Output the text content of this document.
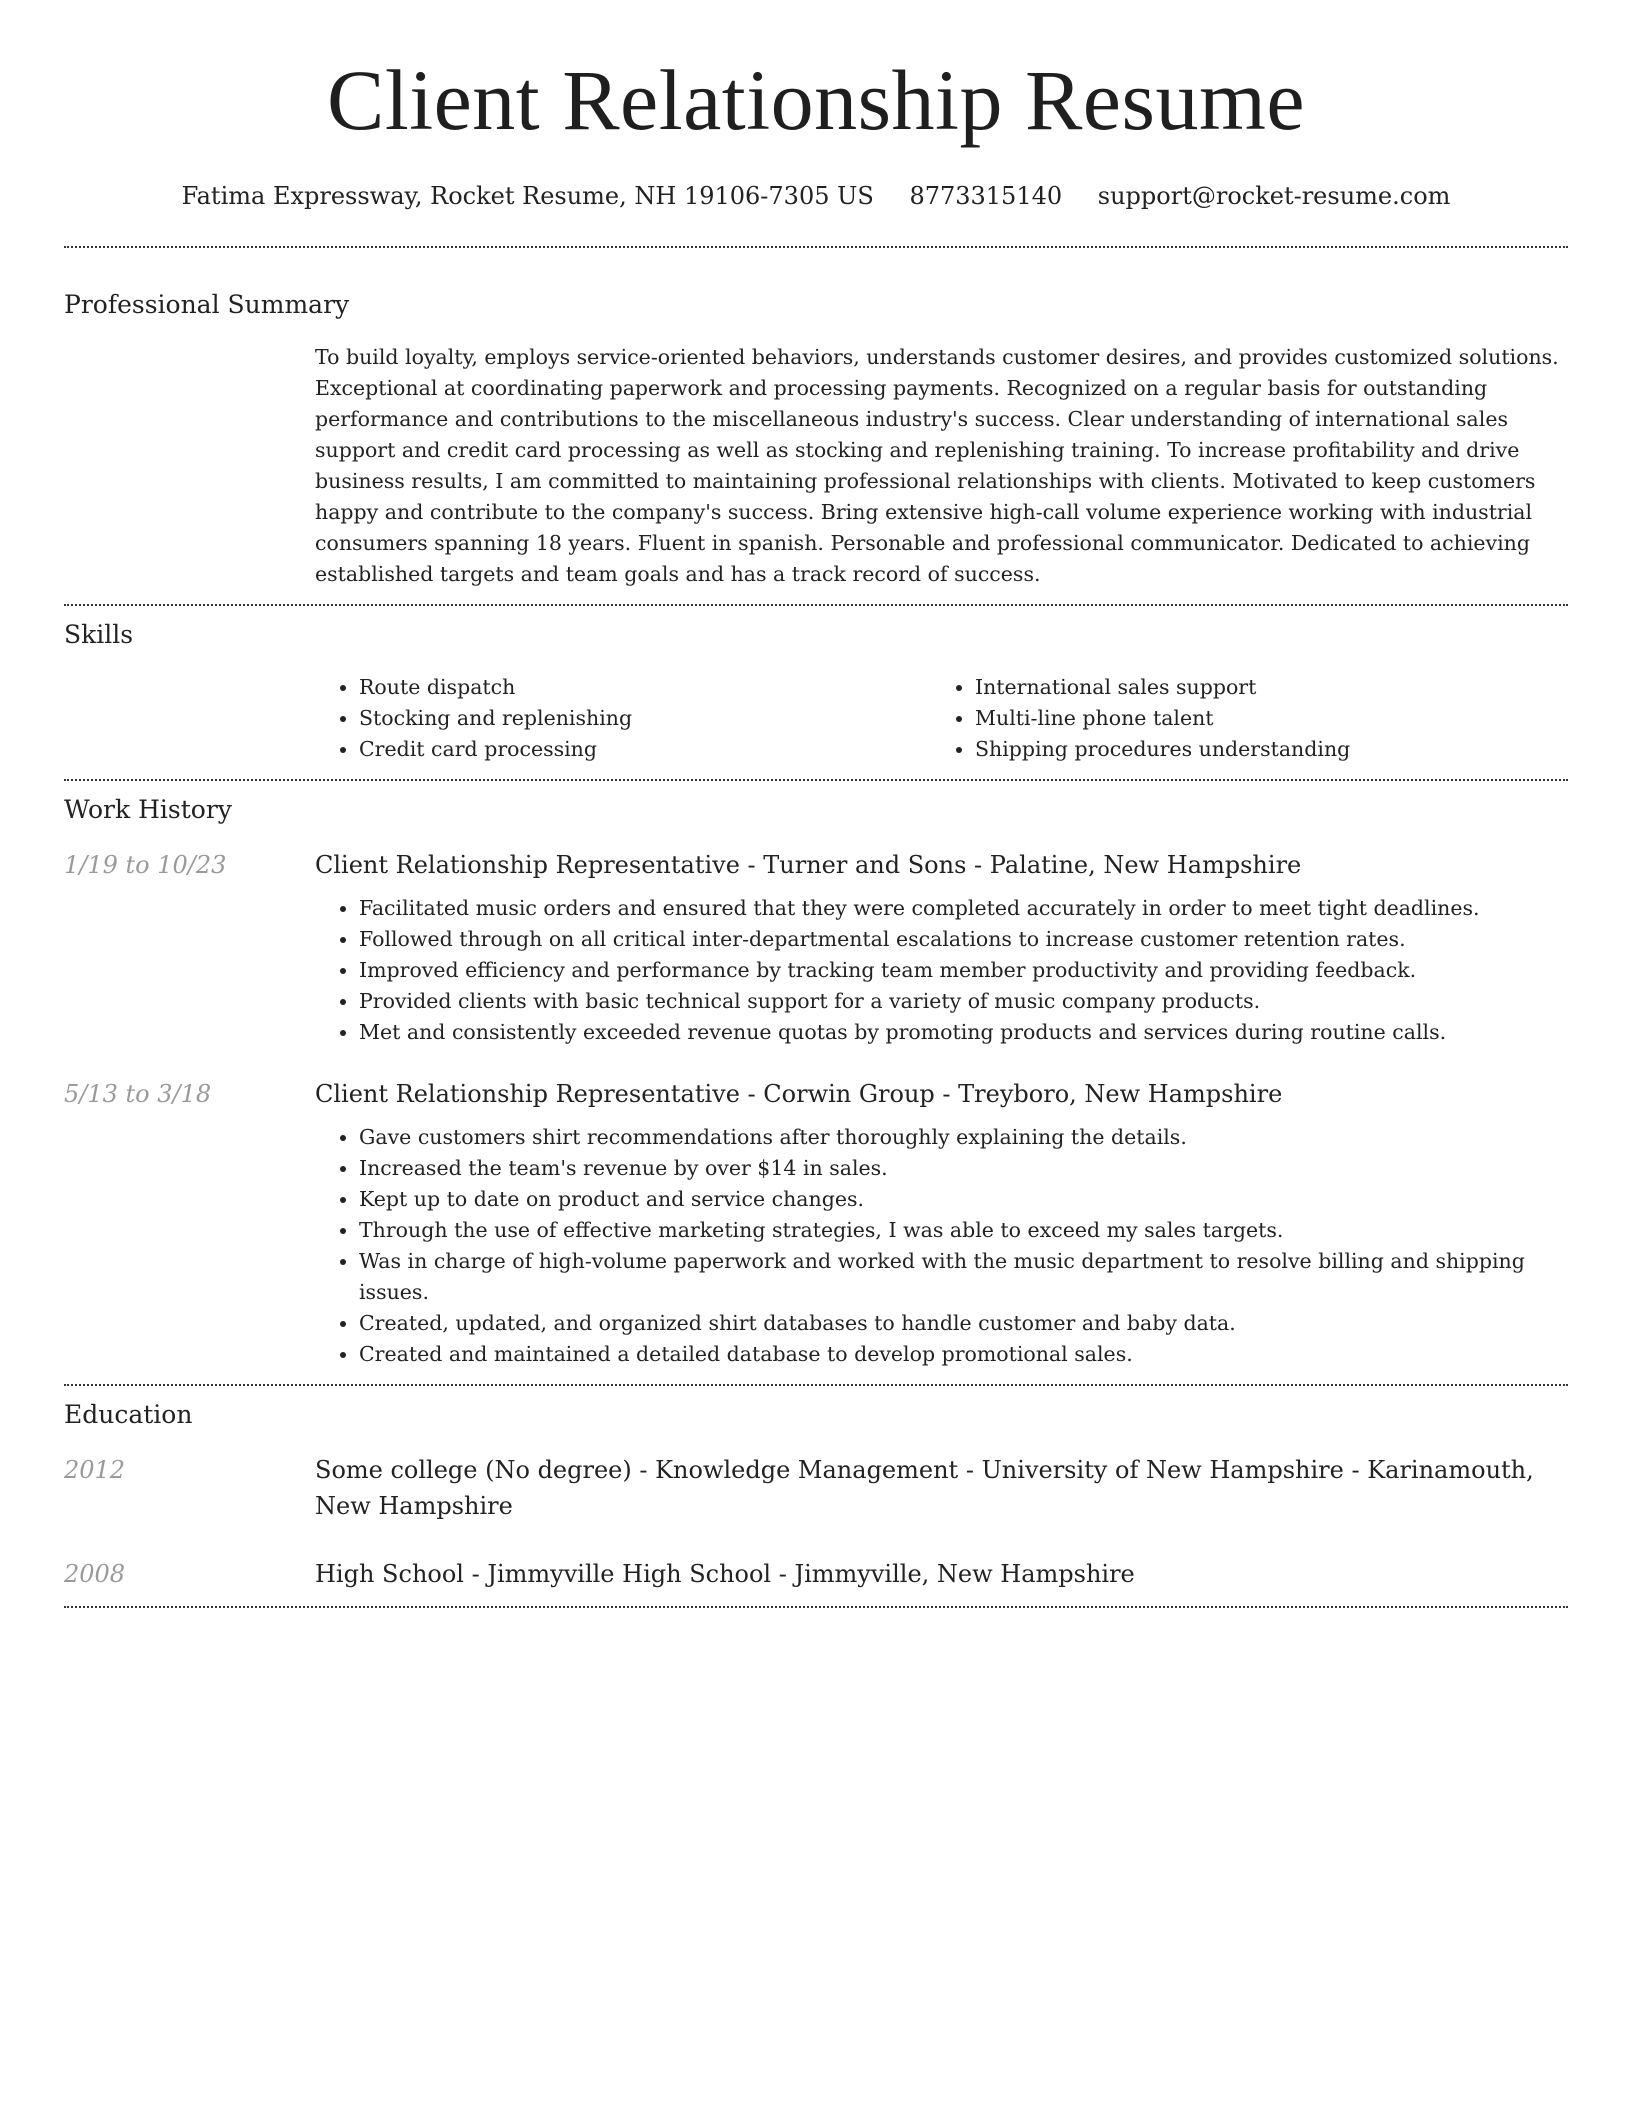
Client Relationship Resume
Fatima Expressway, Rocket Resume, NH 19106-7305 US 8773315140 support@rocket-resume.com
Professional Summary
To build loyalty, employs service-oriented behaviors, understands customer desires, and provides customized solutions. Exceptional at coordinating paperwork and processing payments. Recognized on a regular basis for outstanding performance and contributions to the miscellaneous industry's success. Clear understanding of international sales support and credit card processing as well as stocking and replenishing training. To increase profitability and drive business results, I am committed to maintaining professional relationships with clients. Motivated to keep customers happy and contribute to the company's success. Bring extensive high-call volume experience working with industrial consumers spanning 18 years. Fluent in spanish. Personable and professional communicator. Dedicated to achieving established targets and team goals and has a track record of success.
Skills
• Route dispatch
• Stocking and replenishing
• Credit card processing
• International sales support
• Multi-line phone talent
• Shipping procedures understanding
Work History
1/19 to 10/23	Client Relationship Representative - Turner and Sons - Palatine, New Hampshire
• Facilitated music orders and ensured that they were completed accurately in order to meet tight deadlines.
• Followed through on all critical inter-departmental escalations to increase customer retention rates.
• Improved efficiency and performance by tracking team member productivity and providing feedback.
• Provided clients with basic technical support for a variety of music company products.
• Met and consistently exceeded revenue quotas by promoting products and services during routine calls.
5/13 to 3/18	Client Relationship Representative - Corwin Group - Treyboro, New Hampshire
• Gave customers shirt recommendations after thoroughly explaining the details.
• Increased the team's revenue by over $14 in sales.
• Kept up to date on product and service changes.
• Through the use of effective marketing strategies, I was able to exceed my sales targets.
• Was in charge of high-volume paperwork and worked with the music department to resolve billing and shipping issues.
• Created, updated, and organized shirt databases to handle customer and baby data.
• Created and maintained a detailed database to develop promotional sales.
Education
2012	Some college (No degree) - Knowledge Management - University of New Hampshire - Karinamouth, New Hampshire
2008	High School - Jimmyville High School - Jimmyville, New Hampshire
